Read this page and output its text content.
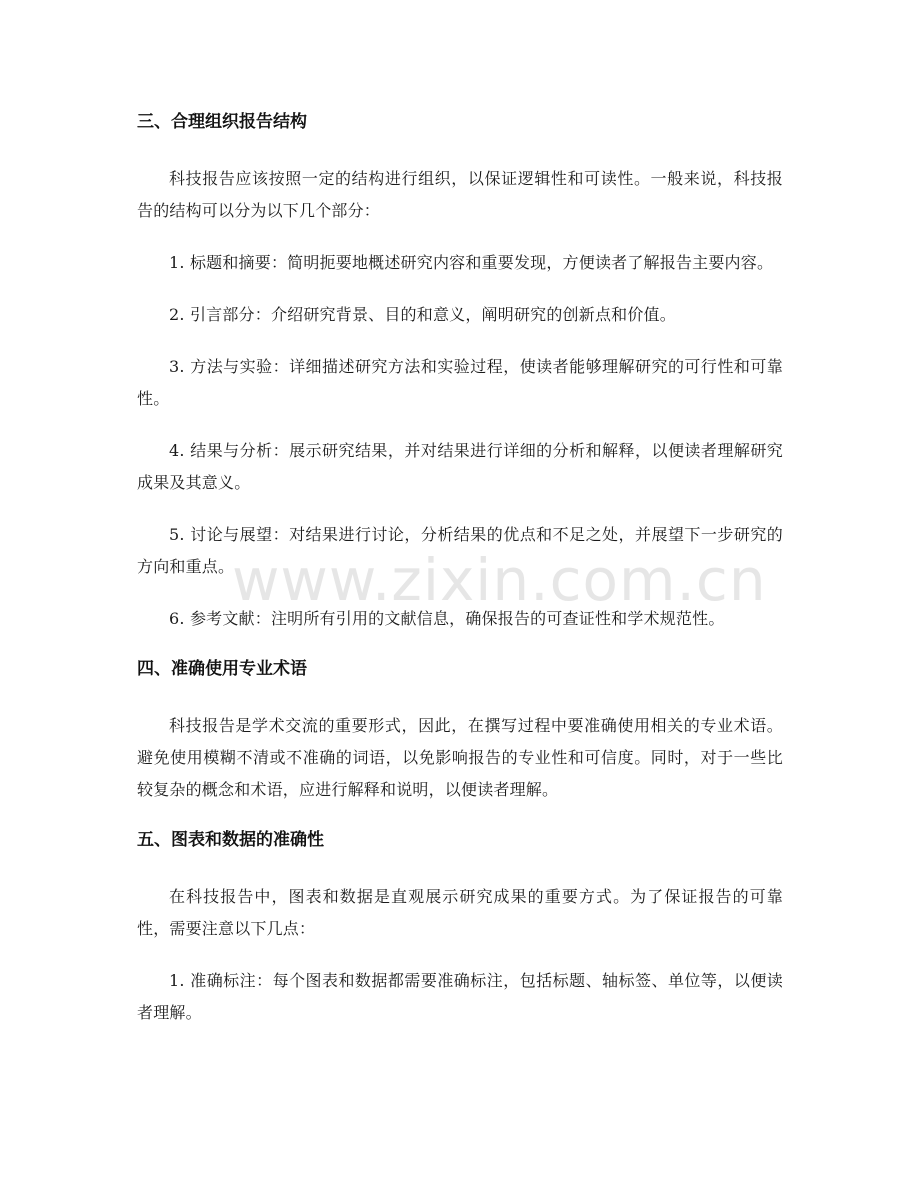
www.zixin.com.cn
三、合理组织报告结构

科技报告应该按照一定的结构进行组织，以保证逻辑性和可读性。一般来说，科技报告的结构可以分为以下几个部分：

1. 标题和摘要：简明扼要地概述研究内容和重要发现，方便读者了解报告主要内容。

2. 引言部分：介绍研究背景、目的和意义，阐明研究的创新点和价值。

3. 方法与实验：详细描述研究方法和实验过程，使读者能够理解研究的可行性和可靠性。

4. 结果与分析：展示研究结果，并对结果进行详细的分析和解释，以便读者理解研究成果及其意义。

5. 讨论与展望：对结果进行讨论，分析结果的优点和不足之处，并展望下一步研究的方向和重点。

6. 参考文献：注明所有引用的文献信息，确保报告的可查证性和学术规范性。

四、准确使用专业术语

科技报告是学术交流的重要形式，因此，在撰写过程中要准确使用相关的专业术语。避免使用模糊不清或不准确的词语，以免影响报告的专业性和可信度。同时，对于一些比较复杂的概念和术语，应进行解释和说明，以便读者理解。

五、图表和数据的准确性

在科技报告中，图表和数据是直观展示研究成果的重要方式。为了保证报告的可靠性，需要注意以下几点：

1. 准确标注：每个图表和数据都需要准确标注，包括标题、轴标签、单位等，以便读者理解。
